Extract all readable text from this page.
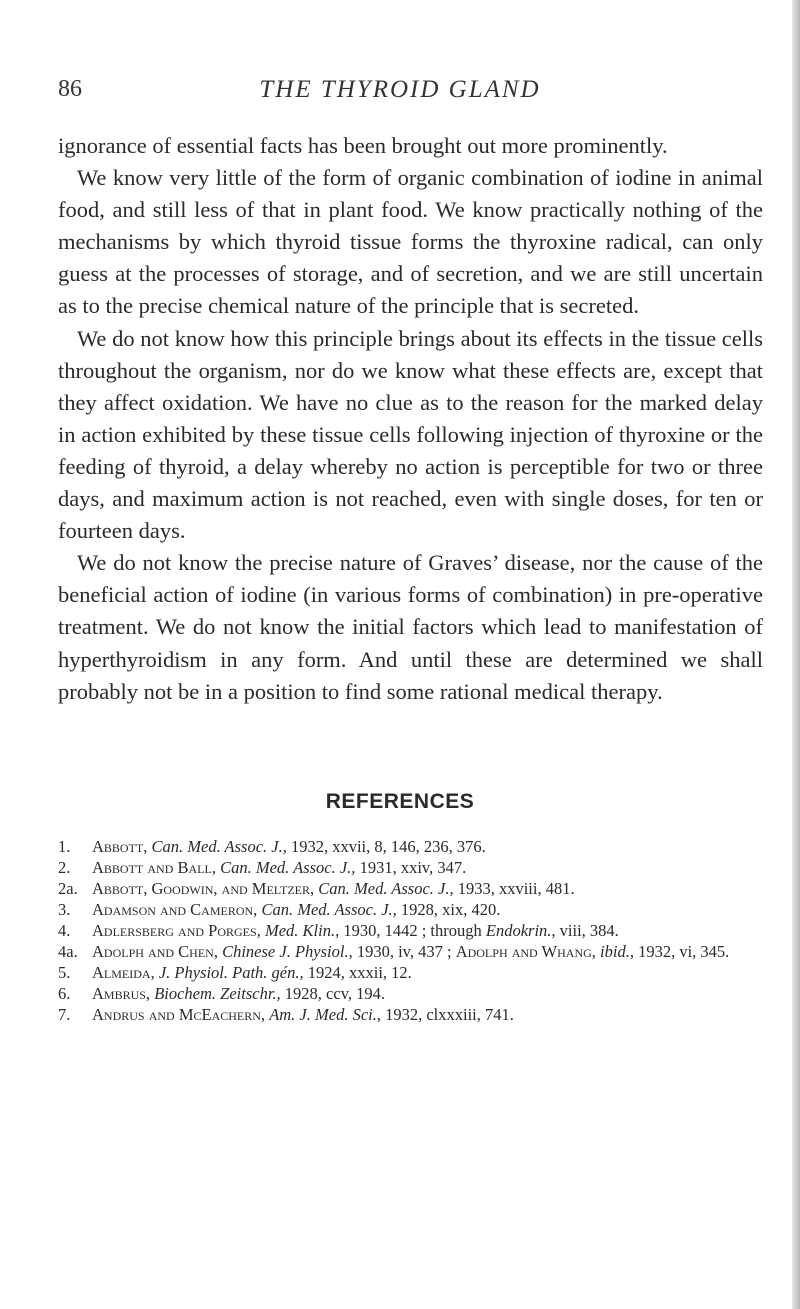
86	THE THYROID GLAND

ignorance of essential facts has been brought out more prominently.

We know very little of the form of organic combination of iodine in animal food, and still less of that in plant food. We know practically nothing of the mechanisms by which thyroid tissue forms the thyroxine radical, can only guess at the processes of storage, and of secretion, and we are still uncertain as to the precise chemical nature of the principle that is secreted.

We do not know how this principle brings about its effects in the tissue cells throughout the organism, nor do we know what these effects are, except that they affect oxidation. We have no clue as to the reason for the marked delay in action exhibited by these tissue cells following injection of thyroxine or the feeding of thyroid, a delay whereby no action is perceptible for two or three days, and maximum action is not reached, even with single doses, for ten or fourteen days.

We do not know the precise nature of Graves’ disease, nor the cause of the beneficial action of iodine (in various forms of combination) in pre-operative treatment. We do not know the initial factors which lead to manifestation of hyperthyroidism in any form. And until these are determined we shall probably not be in a position to find some rational medical therapy.

REFERENCES
1.	Abbott, Can. Med. Assoc. J., 1932, xxvii, 8, 146, 236, 376.
2.	Abbott and Ball, Can. Med. Assoc. J., 1931, xxiv, 347.
2a. Abbott, Goodwin, and Meltzer, Can. Med. Assoc. J., 1933, xxviii, 481.
3.	Adamson and Cameron, Can. Med. Assoc. J., 1928, xix, 420.
4.	Adlersberg and Porges, Med. Klin., 1930, 1442 ; through Endokrin., viii, 384.
4a. Adolph and Chen, Chinese J. Physiol., 1930, iv, 437 ; Adolph and Whang, ibid., 1932, vi, 345.
5.	Almeida, J. Physiol. Path. gén., 1924, xxxii, 12.
6.	Ambrus, Biochem. Zeitschr., 1928, ccv, 194.
7.	Andrus and McEachern, Am. J. Med. Sci., 1932, clxxxiii, 741.
